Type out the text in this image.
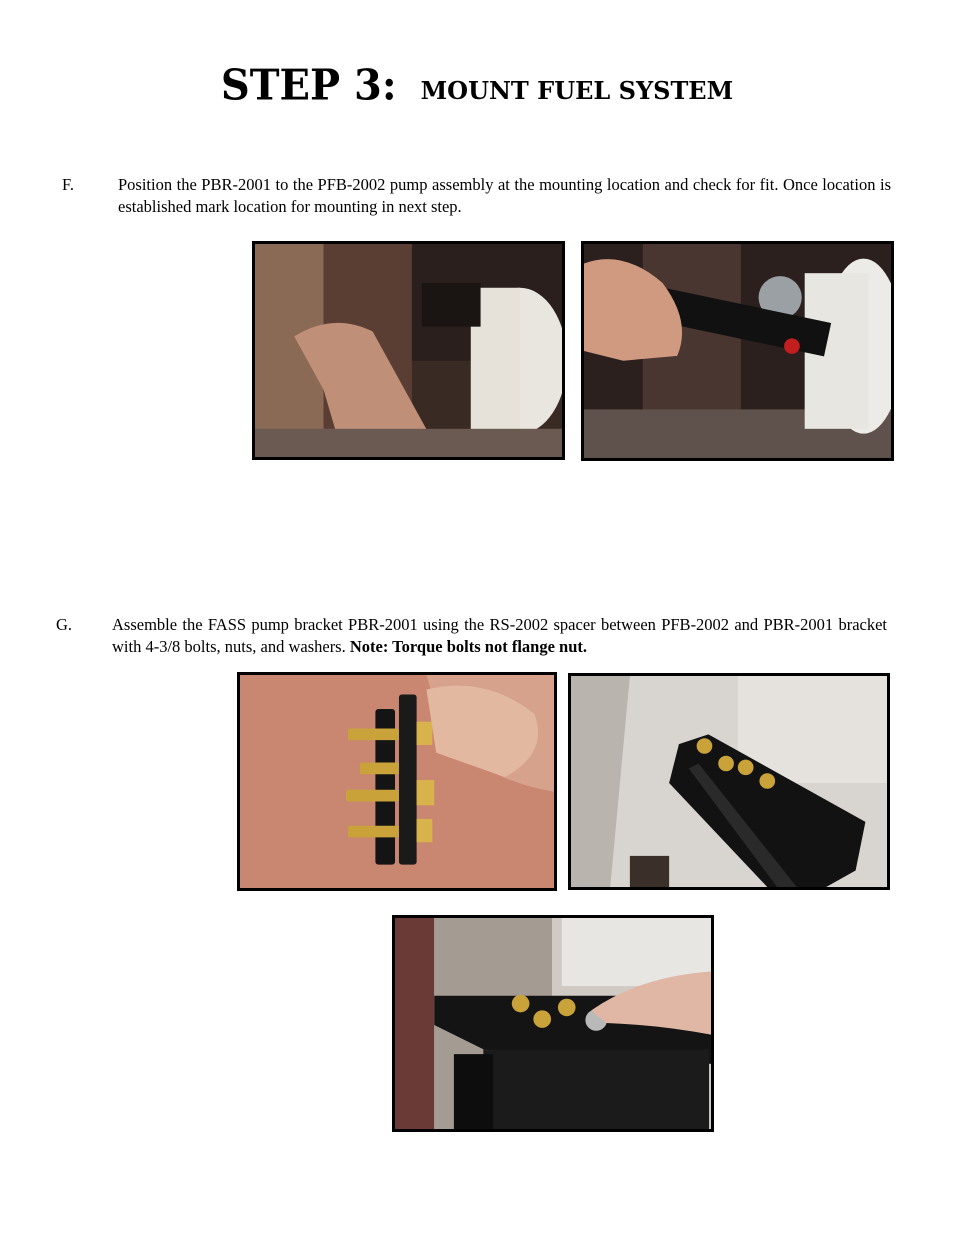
STEP 3: MOUNT FUEL SYSTEM
F.	Position the PBR-2001 to the PFB-2002 pump assembly at the mounting location and check for fit. Once location is established mark location for mounting in next step.
G. Assemble the FASS pump bracket PBR-2001 using the RS-2002 spacer between PFB-2002 and PBR-2001 bracket with 4-3/8 bolts, nuts, and washers. Note: Torque bolts not flange nut.
